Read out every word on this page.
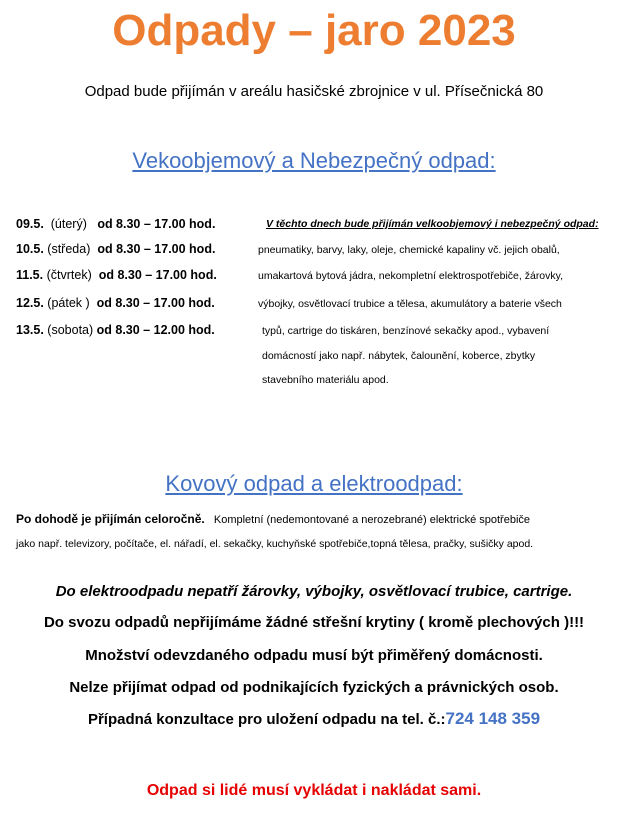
Odpady – jaro 2023
Odpad bude přijímán v areálu hasičské zbrojnice v ul. Přísečnická 80
Vekoobjemový a Nebezpečný odpad:
09.5. (úterý) od 8.30 – 17.00 hod.
10.5. (středa) od 8.30 – 17.00 hod.
11.5. (čtvrtek) od 8.30 – 17.00 hod.
12.5. (pátek ) od 8.30 – 17.00 hod.
13.5. (sobota) od 8.30 – 12.00 hod.
V těchto dnech bude přijímán velkoobjemový i nebezpečný odpad:
pneumatiky, barvy, laky, oleje, chemické kapaliny vč. jejich obalů,
umakartová bytová jádra, nekompletní elektrospotřebiče, žárovky,
výbojky, osvětlovací trubice a tělesa, akumulátory a baterie všech
typů, cartrige do tiskáren, benzínové sekačky apod., vybavení
domácností jako např. nábytek, čalounění, koberce, zbytky
stavebního materiálu apod.
Kovový odpad a elektroodpad:
Po dohodě je přijímán celoročně. Kompletní (nedemontované a nerozebrané) elektrické spotřebiče
jako např. televizory, počítače, el. nářadí, el. sekačky, kuchyňské spotřebiče,topná tělesa, pračky, sušičky apod.
Do elektroodpadu nepatří žárovky, výbojky, osvětlovací trubice, cartrige.
Do svozu odpadů nepřijímáme žádné střešní krytiny ( kromě plechových )!!!
Množství odevzdaného odpadu musí být přiměřený domácnosti.
Nelze přijímat odpad od podnikajících fyzických a právnických osob.
Případná konzultace pro uložení odpadu na tel. č.:724 148 359
Odpad si lidé musí vykládat i nakládat sami.
